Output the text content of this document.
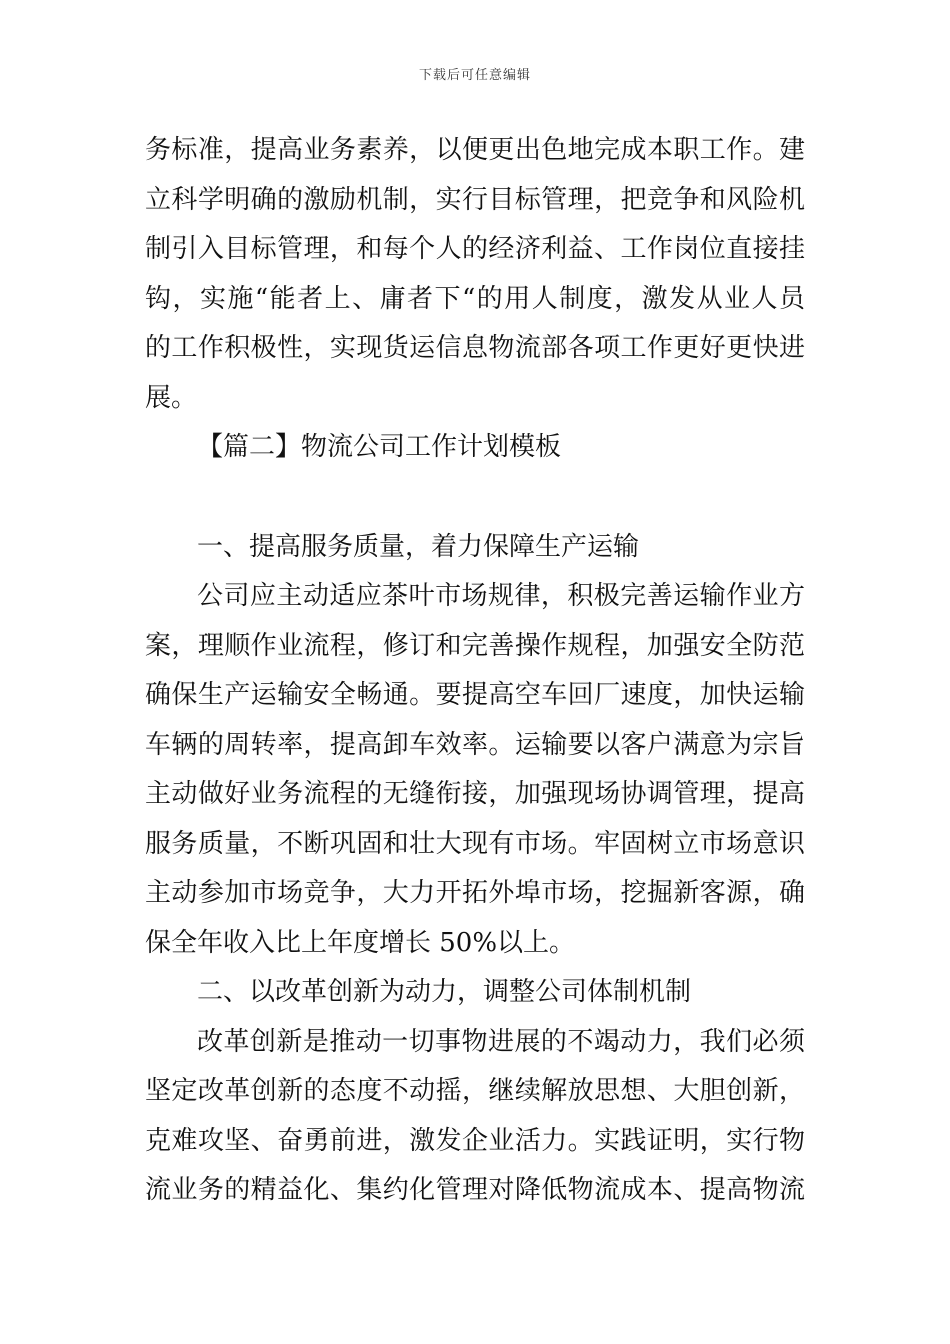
下载后可任意编辑
务标准，提高业务素养，以便更出色地完成本职工作。建
立科学明确的激励机制，实行目标管理，把竞争和风险机
制引入目标管理，和每个人的经济利益、工作岗位直接挂
钩，实施“能者上、庸者下“的用人制度，激发从业人员
的工作积极性，实现货运信息物流部各项工作更好更快进
展。
【篇二】物流公司工作计划模板
一、提高服务质量，着力保障生产运输
公司应主动适应茶叶市场规律，积极完善运输作业方
案，理顺作业流程，修订和完善操作规程，加强安全防范
确保生产运输安全畅通。要提高空车回厂速度，加快运输
车辆的周转率，提高卸车效率。运输要以客户满意为宗旨
主动做好业务流程的无缝衔接，加强现场协调管理，提高
服务质量，不断巩固和壮大现有市场。牢固树立市场意识
主动参加市场竞争，大力开拓外埠市场，挖掘新客源，确
保全年收入比上年度增长 50%以上。
二、以改革创新为动力，调整公司体制机制
改革创新是推动一切事物进展的不竭动力，我们必须
坚定改革创新的态度不动摇，继续解放思想、大胆创新，
克难攻坚、奋勇前进，激发企业活力。实践证明，实行物
流业务的精益化、集约化管理对降低物流成本、提高物流
